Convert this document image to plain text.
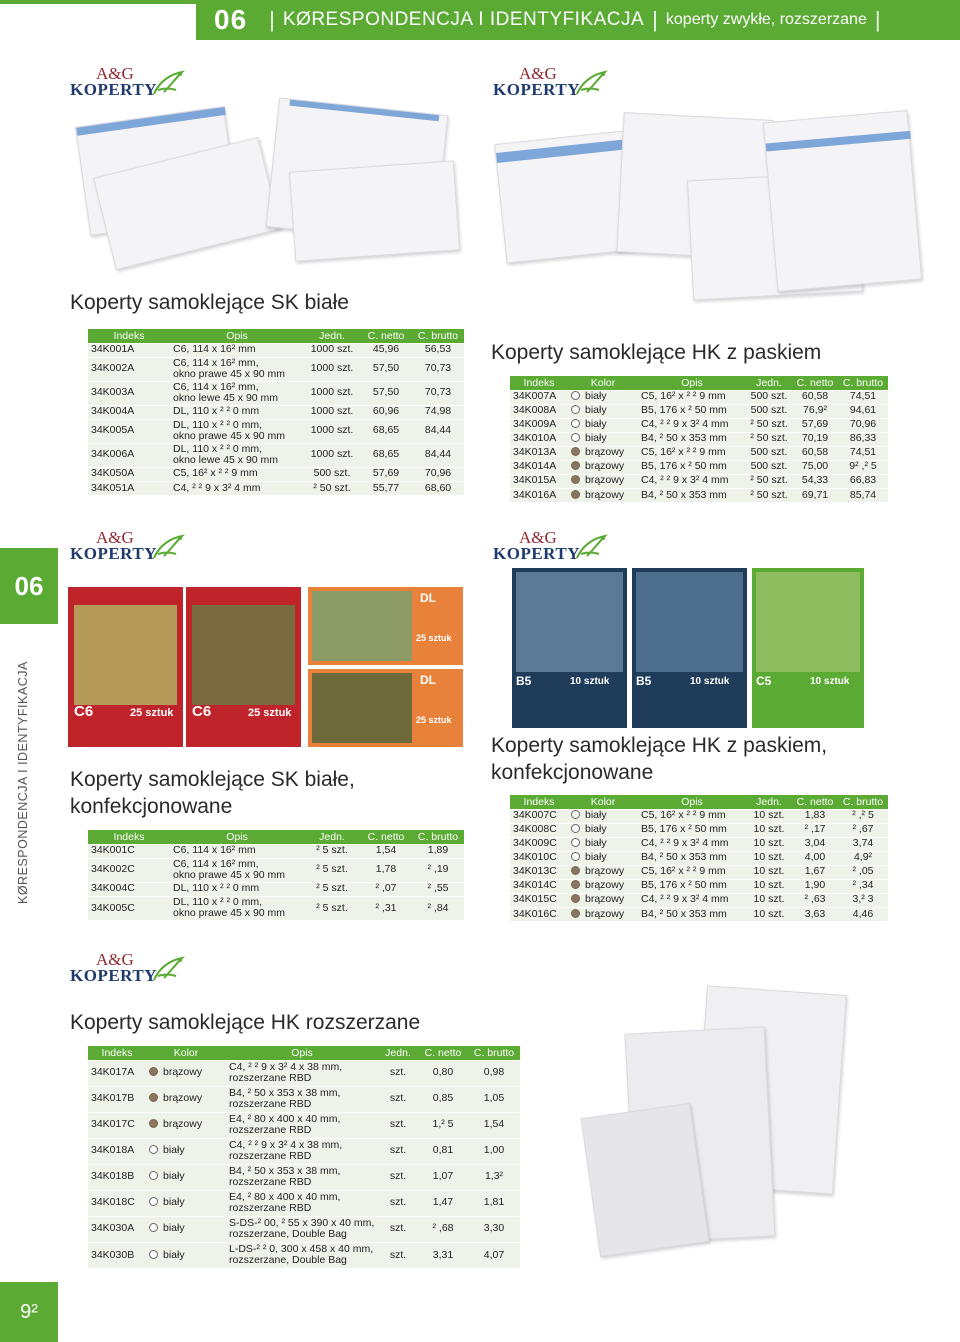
06 | KØRESPONDENCJA I IDENTYFIKACJA | koperty zwykłe, rozszerzane |
06
KØRESPONDENCJA I IDENTYFIKACJA
9²
A&G
KOPERTY
A&G
KOPERTY
A&G
KOPERTY
A&G
KOPERTY
A&G
KOPERTY
Koperty samoklejące SK białe
Indeks	Opis	Jedn.	C. netto	C. brutto
34K001A	C6, 114 x 16² mm	1000 szt.	45,96	56,53
34K002A	C6, 114 x 16² mm,
okno prawe 45 x 90 mm	1000 szt.	57,50	70,73
34K003A	C6, 114 x 16² mm,
okno lewe 45 x 90 mm	1000 szt.	57,50	70,73
34K004A	DL, 110 x ² ² 0 mm	1000 szt.	60,96	74,98
34K005A	DL, 110 x ² ² 0 mm,
okno prawe 45 x 90 mm	1000 szt.	68,65	84,44
34K006A	DL, 110 x ² ² 0 mm,
okno lewe 45 x 90 mm	1000 szt.	68,65	84,44
34K050A	C5, 16² x ² ² 9 mm	500 szt.	57,69	70,96
34K051A	C4, ² ² 9 x 3² 4 mm	² 50 szt.	55,77	68,60
Koperty samoklejące HK z paskiem
Indeks	Kolor	Opis	Jedn.	C. netto	C. brutto
34K007A	biały	C5, 16² x ² ² 9 mm	500 szt.	60,58	74,51
34K008A	biały	B5, 176 x ² 50 mm	500 szt.	76,9²	94,61
34K009A	biały	C4, ² ² 9 x 3² 4 mm	² 50 szt.	57,69	70,96
34K010A	biały	B4, ² 50 x 353 mm	² 50 szt.	70,19	86,33
34K013A	brązowy	C5, 16² x ² ² 9 mm	500 szt.	60,58	74,51
34K014A	brązowy	B5, 176 x ² 50 mm	500 szt.	75,00	9² ,² 5
34K015A	brązowy	C4, ² ² 9 x 3² 4 mm	² 50 szt.	54,33	66,83
34K016A	brązowy	B4, ² 50 x 353 mm	² 50 szt.	69,71	85,74
C6	25 sztuk C6	25 sztuk
DL
25 sztuk
DL
25 sztuk
B5	10 sztuk B5	10 sztuk C5	10 sztuk
Koperty samoklejące SK białe,
konfekcjonowane
Indeks	Opis	Jedn.	C. netto	C. brutto
34K001C	C6, 114 x 16² mm	² 5 szt.	1,54	1,89
34K002C	C6, 114 x 16² mm,
okno prawe 45 x 90 mm	² 5 szt.	1,78	² ,19
34K004C	DL, 110 x ² ² 0 mm	² 5 szt.	² ,07	² ,55
34K005C	DL, 110 x ² ² 0 mm,
okno prawe 45 x 90 mm	² 5 szt.	² ,31	² ,84
Koperty samoklejące HK z paskiem,
konfekcjonowane
Indeks	Kolor	Opis	Jedn.	C. netto	C. brutto
34K007C	biały	C5, 16² x ² ² 9 mm	10 szt.	1,83	² ,² 5
34K008C	biały	B5, 176 x ² 50 mm	10 szt.	² ,17	² ,67
34K009C	biały	C4, ² ² 9 x 3² 4 mm	10 szt.	3,04	3,74
34K010C	biały	B4, ² 50 x 353 mm	10 szt.	4,00	4,9²
34K013C	brązowy	C5, 16² x ² ² 9 mm	10 szt.	1,67	² ,05
34K014C	brązowy	B5, 176 x ² 50 mm	10 szt.	1,90	² ,34
34K015C	brązowy	C4, ² ² 9 x 3² 4 mm	10 szt.	² ,63	3,² 3
34K016C	brązowy	B4, ² 50 x 353 mm	10 szt.	3,63	4,46
Koperty samoklejące HK rozszerzane
Indeks	Kolor	Opis	Jedn.	C. netto	C. brutto
34K017A	brązowy	C4, ² ² 9 x 3² 4 x 38 mm,
rozszerzane RBD	szt.	0,80	0,98
34K017B	brązowy	B4, ² 50 x 353 x 38 mm,
rozszerzane RBD	szt.	0,85	1,05
34K017C	brązowy	E4, ² 80 x 400 x 40 mm,
rozszerzane RBD	szt.	1,² 5	1,54
34K018A	biały	C4, ² ² 9 x 3² 4 x 38 mm,
rozszerzane RBD	szt.	0,81	1,00
34K018B	biały	B4, ² 50 x 353 x 38 mm,
rozszerzane RBD	szt.	1,07	1,3²
34K018C	biały	E4, ² 80 x 400 x 40 mm,
rozszerzane RBD	szt.	1,47	1,81
34K030A	biały	S-DS-² 00, ² 55 x 390 x 40 mm,
rozszerzane, Double Bag	szt.	² ,68	3,30
34K030B	biały	L-DS-² ² 0, 300 x 458 x 40 mm,
rozszerzane, Double Bag	szt.	3,31	4,07
